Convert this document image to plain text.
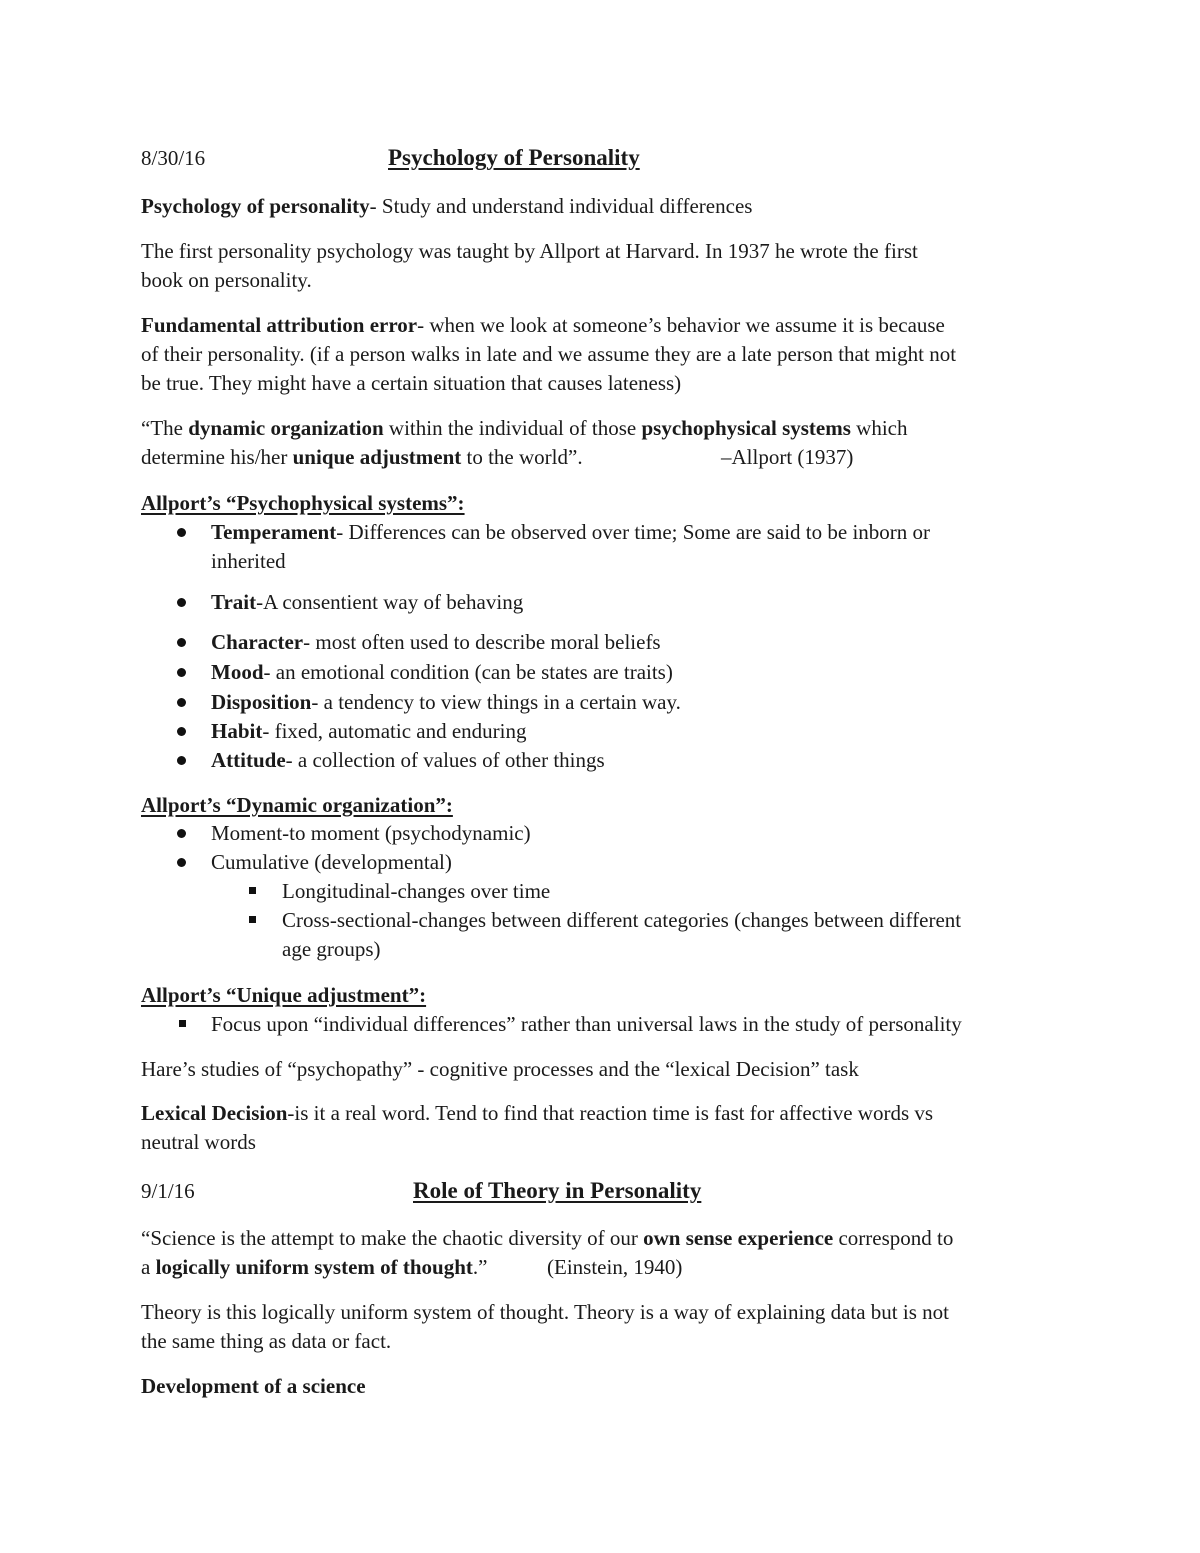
8/30/16	Psychology of Personality
Psychology of personality- Study and understand individual differences
The first personality psychology was taught by Allport at Harvard. In 1937 he wrote the first
book on personality.
Fundamental attribution error- when we look at someone’s behavior we assume it is because
of their personality. (if a person walks in late and we assume they are a late person that might not
be true. They might have a certain situation that causes lateness)
“The dynamic organization within the individual of those psychophysical systems which
determine his/her unique adjustment to the world”.	–Allport (1937)
Allport’s “Psychophysical systems”:
Temperament- Differences can be observed over time; Some are said to be inborn or
inherited
Trait-A consentient way of behaving
Character- most often used to describe moral beliefs
Mood- an emotional condition (can be states are traits)
Disposition- a tendency to view things in a certain way.
Habit- fixed, automatic and enduring
Attitude- a collection of values of other things
Allport’s “Dynamic organization”:
Moment-to moment (psychodynamic)
Cumulative (developmental)
Longitudinal-changes over time
Cross-sectional-changes between different categories (changes between different
age groups)
Allport’s “Unique adjustment”:
Focus upon “individual differences” rather than universal laws in the study of personality
Hare’s studies of “psychopathy” - cognitive processes and the “lexical Decision” task
Lexical Decision-is it a real word. Tend to find that reaction time is fast for affective words vs
neutral words
9/1/16	Role of Theory in Personality
“Science is the attempt to make the chaotic diversity of our own sense experience correspond to
a logically uniform system of thought.”	(Einstein, 1940)
Theory is this logically uniform system of thought. Theory is a way of explaining data but is not
the same thing as data or fact.
Development of a science
